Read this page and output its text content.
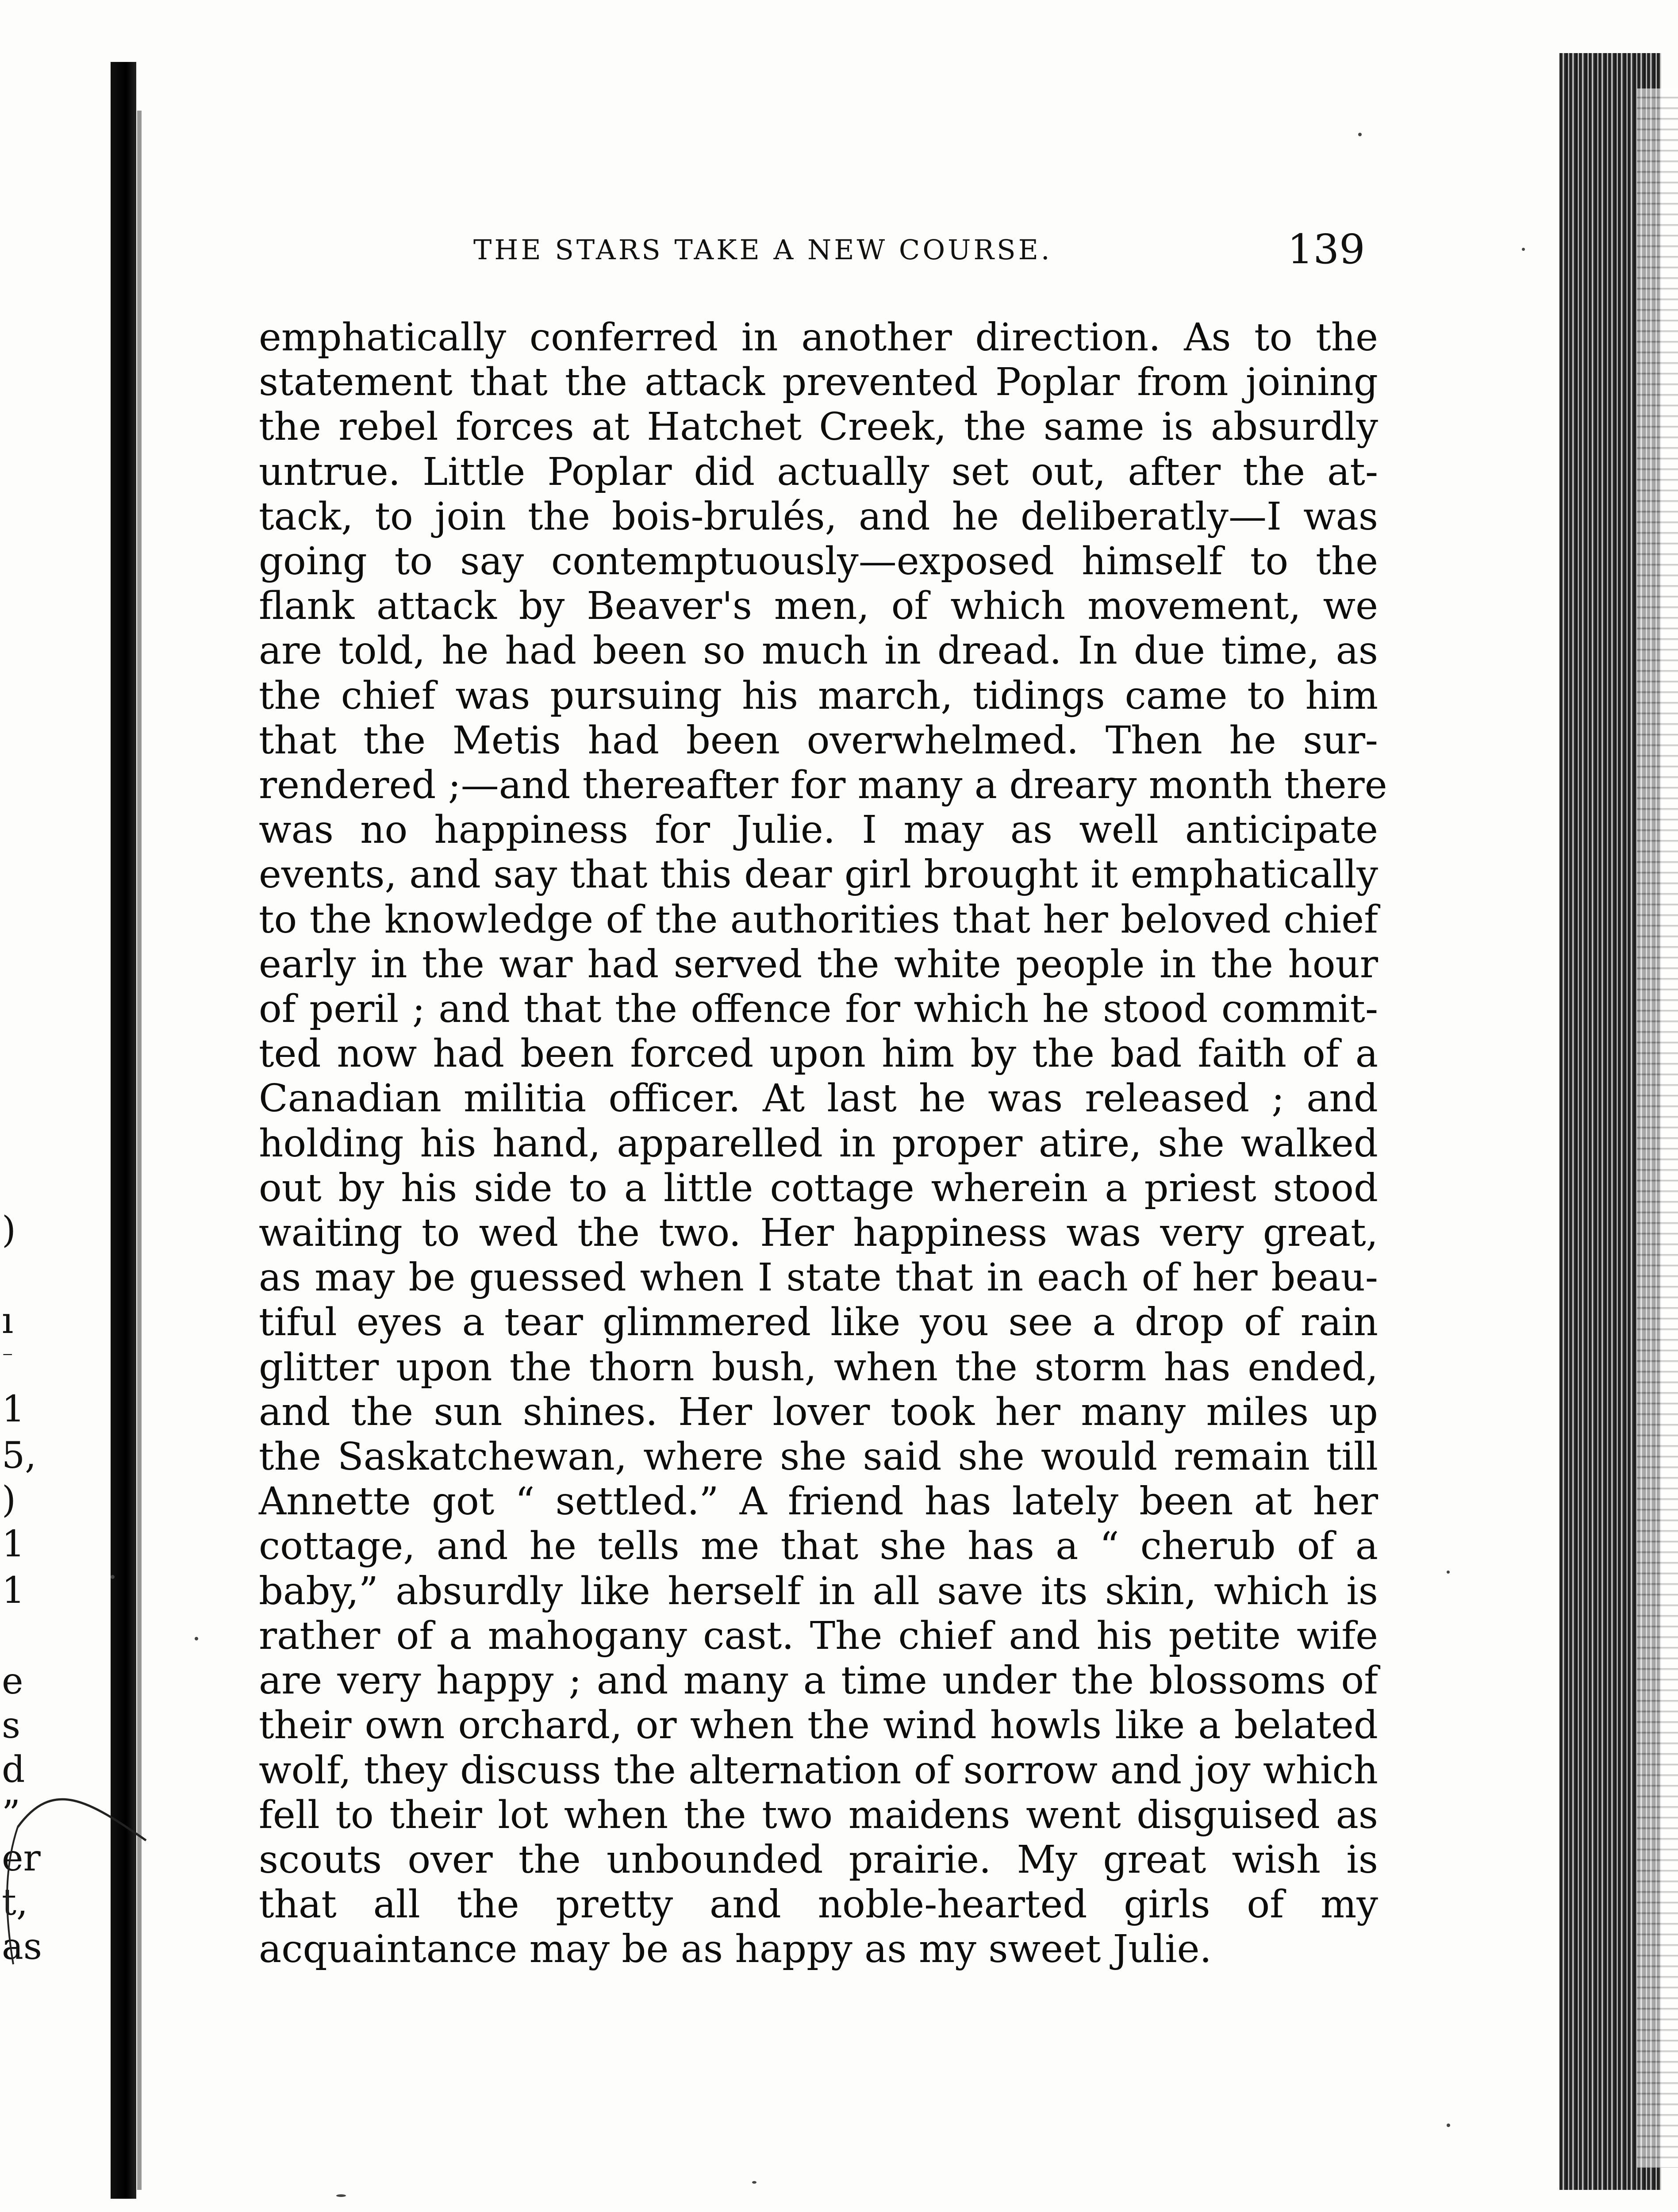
)
ı
1
⁻
5,
)
1
1
e
s
d
”
er
t,
as
THE STARS TAKE A NEW COURSE.	139
emphatically conferred in another direction. As to the
statement that the attack prevented Poplar from joining
the rebel forces at Hatchet Creek, the same is absurdly
untrue. Little Poplar did actually set out, after the at-
tack, to join the bois-brulés, and he deliberatly—I was
going to say contemptuously—exposed himself to the
flank attack by Beaver's men, of which movement, we
are told, he had been so much in dread. In due time, as
the chief was pursuing his march, tidings came to him
that the Metis had been overwhelmed. Then he sur-
rendered ;—and thereafter for many a dreary month there
was no happiness for Julie. I may as well anticipate
events, and say that this dear girl brought it emphatically
to the knowledge of the authorities that her beloved chief
early in the war had served the white people in the hour
of peril ; and that the offence for which he stood commit-
ted now had been forced upon him by the bad faith of a
Canadian militia officer. At last he was released ; and
holding his hand, apparelled in proper atire, she walked
out by his side to a little cottage wherein a priest stood
waiting to wed the two. Her happiness was very great,
as may be guessed when I state that in each of her beau-
tiful eyes a tear glimmered like you see a drop of rain
glitter upon the thorn bush, when the storm has ended,
and the sun shines. Her lover took her many miles up
the Saskatchewan, where she said she would remain till
Annette got “ settled.” A friend has lately been at her
cottage, and he tells me that she has a “ cherub of a
baby,” absurdly like herself in all save its skin, which is
rather of a mahogany cast. The chief and his petite wife
are very happy ; and many a time under the blossoms of
their own orchard, or when the wind howls like a belated
wolf, they discuss the alternation of sorrow and joy which
fell to their lot when the two maidens went disguised as
scouts over the unbounded prairie. My great wish is
that all the pretty and noble-hearted girls of my
acquaintance may be as happy as my sweet Julie.
